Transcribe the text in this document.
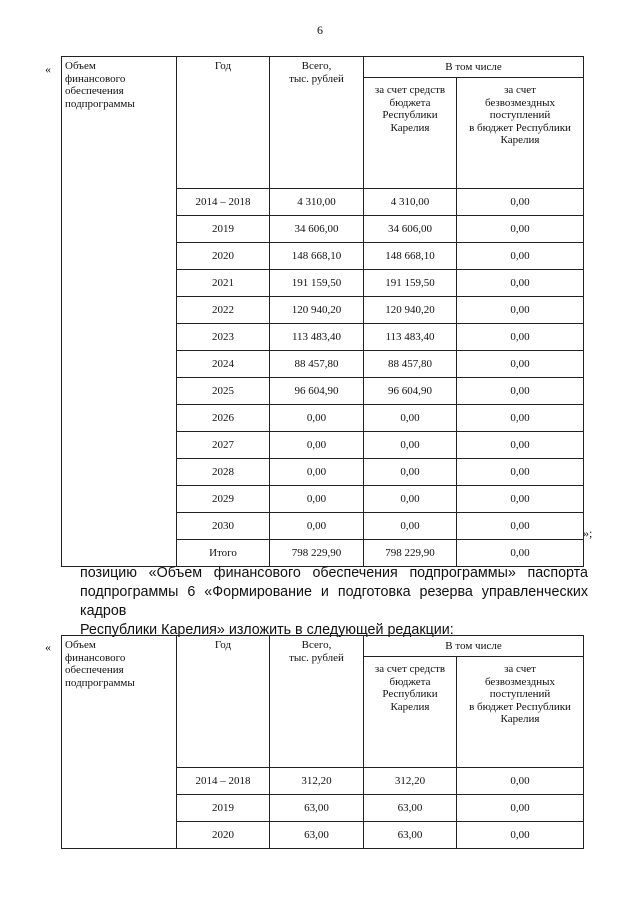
6
«
»;
Объем
финансового
обеспечения
подпрограммы	Год	Всего,
тыс. рублей	В том числе	
			за счет средств
бюджета
Республики
Карелия	за счет
безвозмездных
поступлений
в бюджет Республики
Карелия
	2014 – 2018	4 310,00	4 310,00	0,00
	2019	34 606,00	34 606,00	0,00
	2020	148 668,10	148 668,10	0,00
	2021	191 159,50	191 159,50	0,00
	2022	120 940,20	120 940,20	0,00
	2023	113 483,40	113 483,40	0,00
	2024	88 457,80	88 457,80	0,00
	2025	96 604,90	96 604,90	0,00
	2026	0,00	0,00	0,00
	2027	0,00	0,00	0,00
	2028	0,00	0,00	0,00
	2029	0,00	0,00	0,00
	2030	0,00	0,00	0,00
	Итого	798 229,90	798 229,90	0,00
«
позицию «Объем финансового обеспечения подпрограммы» паспорта
подпрограммы 6 «Формирование и подготовка резерва управленческих кадров
Республики Карелия» изложить в следующей редакции:
Объем
финансового
обеспечения
подпрограммы	Год	Всего,
тыс. рублей	В том числе	
			за счет средств
бюджета
Республики
Карелия	за счет
безвозмездных
поступлений
в бюджет Республики
Карелия
	2014 – 2018	312,20	312,20	0,00
	2019	63,00	63,00	0,00
	2020	63,00	63,00	0,00
